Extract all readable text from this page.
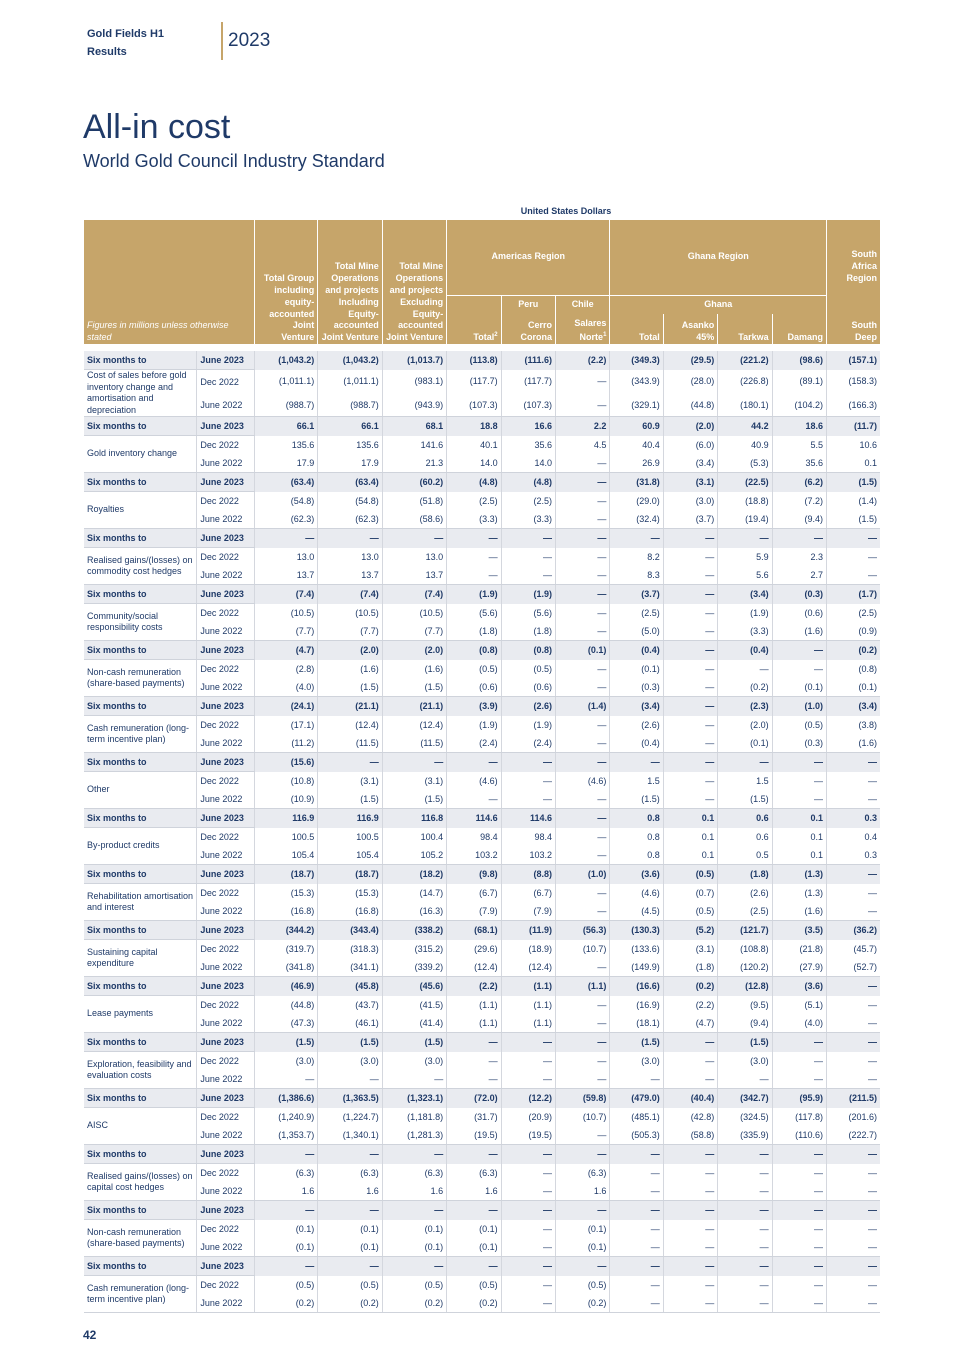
Gold Fields H1
Results
2023
All-in cost
World Gold Council Industry Standard
United States Dollars
Figures in millions unless otherwise stated		Total Group including equity-accounted Joint Venture	Total Mine Operations and projects Including Equity-accounted Joint Venture	Total Mine Operations and projects Excluding Equity-accounted Joint Venture	Americas Region			Ghana Region				South Africa Region
						Peru	Chile	Ghana				
					Total$^2$	Cerro Corona	Salares Norte$^1$	Total	Asanko 45%	Tarkwa	Damang	South Deep

Six months to	June 2023	(1,043.2)	(1,043.2)	(1,013.7)	(113.8)	(111.6)	(2.2)	(349.3)	(29.5)	(221.2)	(98.6)	(157.1)
Cost of sales before gold inventory change and amortisation and depreciation	Dec 2022	(1,011.1)	(1,011.1)	(983.1)	(117.7)	(117.7)	—	(343.9)	(28.0)	(226.8)	(89.1)	(158.3)
	June 2022	(988.7)	(988.7)	(943.9)	(107.3)	(107.3)	—	(329.1)	(44.8)	(180.1)	(104.2)	(166.3)
Six months to	June 2023	66.1	66.1	68.1	18.8	16.6	2.2	60.9	(2.0)	44.2	18.6	(11.7)
Gold inventory change	Dec 2022	135.6	135.6	141.6	40.1	35.6	4.5	40.4	(6.0)	40.9	5.5	10.6
	June 2022	17.9	17.9	21.3	14.0	14.0	—	26.9	(3.4)	(5.3)	35.6	0.1
Six months to	June 2023	(63.4)	(63.4)	(60.2)	(4.8)	(4.8)	—	(31.8)	(3.1)	(22.5)	(6.2)	(1.5)
Royalties	Dec 2022	(54.8)	(54.8)	(51.8)	(2.5)	(2.5)	—	(29.0)	(3.0)	(18.8)	(7.2)	(1.4)
	June 2022	(62.3)	(62.3)	(58.6)	(3.3)	(3.3)	—	(32.4)	(3.7)	(19.4)	(9.4)	(1.5)
Six months to	June 2023	—	—	—	—	—	—	—	—	—	—	—
Realised gains/(losses) on commodity cost hedges	Dec 2022	13.0	13.0	13.0	—	—	—	8.2	—	5.9	2.3	—
	June 2022	13.7	13.7	13.7	—	—	—	8.3	—	5.6	2.7	—
Six months to	June 2023	(7.4)	(7.4)	(7.4)	(1.9)	(1.9)	—	(3.7)	—	(3.4)	(0.3)	(1.7)
Community/social responsibility costs	Dec 2022	(10.5)	(10.5)	(10.5)	(5.6)	(5.6)	—	(2.5)	—	(1.9)	(0.6)	(2.5)
	June 2022	(7.7)	(7.7)	(7.7)	(1.8)	(1.8)	—	(5.0)	—	(3.3)	(1.6)	(0.9)
Six months to	June 2023	(4.7)	(2.0)	(2.0)	(0.8)	(0.8)	(0.1)	(0.4)	—	(0.4)	—	(0.2)
Non-cash remuneration (share-based payments)	Dec 2022	(2.8)	(1.6)	(1.6)	(0.5)	(0.5)	—	(0.1)	—	—	—	(0.8)
	June 2022	(4.0)	(1.5)	(1.5)	(0.6)	(0.6)	—	(0.3)	—	(0.2)	(0.1)	(0.1)
Six months to	June 2023	(24.1)	(21.1)	(21.1)	(3.9)	(2.6)	(1.4)	(3.4)	—	(2.3)	(1.0)	(3.4)
Cash remuneration (long-term incentive plan)	Dec 2022	(17.1)	(12.4)	(12.4)	(1.9)	(1.9)	—	(2.6)	—	(2.0)	(0.5)	(3.8)
	June 2022	(11.2)	(11.5)	(11.5)	(2.4)	(2.4)	—	(0.4)	—	(0.1)	(0.3)	(1.6)
Six months to	June 2023	(15.6)	—	—	—	—	—	—	—	—	—	—
Other	Dec 2022	(10.8)	(3.1)	(3.1)	(4.6)	—	(4.6)	1.5	—	1.5	—	—
	June 2022	(10.9)	(1.5)	(1.5)	—	—	—	(1.5)	—	(1.5)	—	—
Six months to	June 2023	116.9	116.9	116.8	114.6	114.6	—	0.8	0.1	0.6	0.1	0.3
By-product credits	Dec 2022	100.5	100.5	100.4	98.4	98.4	—	0.8	0.1	0.6	0.1	0.4
	June 2022	105.4	105.4	105.2	103.2	103.2	—	0.8	0.1	0.5	0.1	0.3
Six months to	June 2023	(18.7)	(18.7)	(18.2)	(9.8)	(8.8)	(1.0)	(3.6)	(0.5)	(1.8)	(1.3)	—
Rehabilitation amortisation and interest	Dec 2022	(15.3)	(15.3)	(14.7)	(6.7)	(6.7)	—	(4.6)	(0.7)	(2.6)	(1.3)	—
	June 2022	(16.8)	(16.8)	(16.3)	(7.9)	(7.9)	—	(4.5)	(0.5)	(2.5)	(1.6)	—
Six months to	June 2023	(344.2)	(343.4)	(338.2)	(68.1)	(11.9)	(56.3)	(130.3)	(5.2)	(121.7)	(3.5)	(36.2)
Sustaining capital expenditure	Dec 2022	(319.7)	(318.3)	(315.2)	(29.6)	(18.9)	(10.7)	(133.6)	(3.1)	(108.8)	(21.8)	(45.7)
	June 2022	(341.8)	(341.1)	(339.2)	(12.4)	(12.4)	—	(149.9)	(1.8)	(120.2)	(27.9)	(52.7)
Six months to	June 2023	(46.9)	(45.8)	(45.6)	(2.2)	(1.1)	(1.1)	(16.6)	(0.2)	(12.8)	(3.6)	—
Lease payments	Dec 2022	(44.8)	(43.7)	(41.5)	(1.1)	(1.1)	—	(16.9)	(2.2)	(9.5)	(5.1)	—
	June 2022	(47.3)	(46.1)	(41.4)	(1.1)	(1.1)	—	(18.1)	(4.7)	(9.4)	(4.0)	—
Six months to	June 2023	(1.5)	(1.5)	(1.5)	—	—	—	(1.5)	—	(1.5)	—	—
Exploration, feasibility and evaluation costs	Dec 2022	(3.0)	(3.0)	(3.0)	—	—	—	(3.0)	—	(3.0)	—	—
	June 2022	—	—	—	—	—	—	—	—	—	—	—
Six months to	June 2023	(1,386.6)	(1,363.5)	(1,323.1)	(72.0)	(12.2)	(59.8)	(479.0)	(40.4)	(342.7)	(95.9)	(211.5)
AISC	Dec 2022	(1,240.9)	(1,224.7)	(1,181.8)	(31.7)	(20.9)	(10.7)	(485.1)	(42.8)	(324.5)	(117.8)	(201.6)
	June 2022	(1,353.7)	(1,340.1)	(1,281.3)	(19.5)	(19.5)	—	(505.3)	(58.8)	(335.9)	(110.6)	(222.7)
Six months to	June 2023	—	—	—	—	—	—	—	—	—	—	—
Realised gains/(losses) on capital cost hedges	Dec 2022	(6.3)	(6.3)	(6.3)	(6.3)	—	(6.3)	—	—	—	—	—
	June 2022	1.6	1.6	1.6	1.6	—	1.6	—	—	—	—	—
Six months to	June 2023	—	—	—	—	—	—	—	—	—	—	—
Non-cash remuneration (share-based payments)	Dec 2022	(0.1)	(0.1)	(0.1)	(0.1)	—	(0.1)	—	—	—	—	—
	June 2022	(0.1)	(0.1)	(0.1)	(0.1)	—	(0.1)	—	—	—	—	—
Six months to	June 2023	—	—	—	—	—	—	—	—	—	—	—
Cash remuneration (long-term incentive plan)	Dec 2022	(0.5)	(0.5)	(0.5)	(0.5)	—	(0.5)	—	—	—	—	—
	June 2022	(0.2)	(0.2)	(0.2)	(0.2)	—	(0.2)	—	—	—	—	—
42
